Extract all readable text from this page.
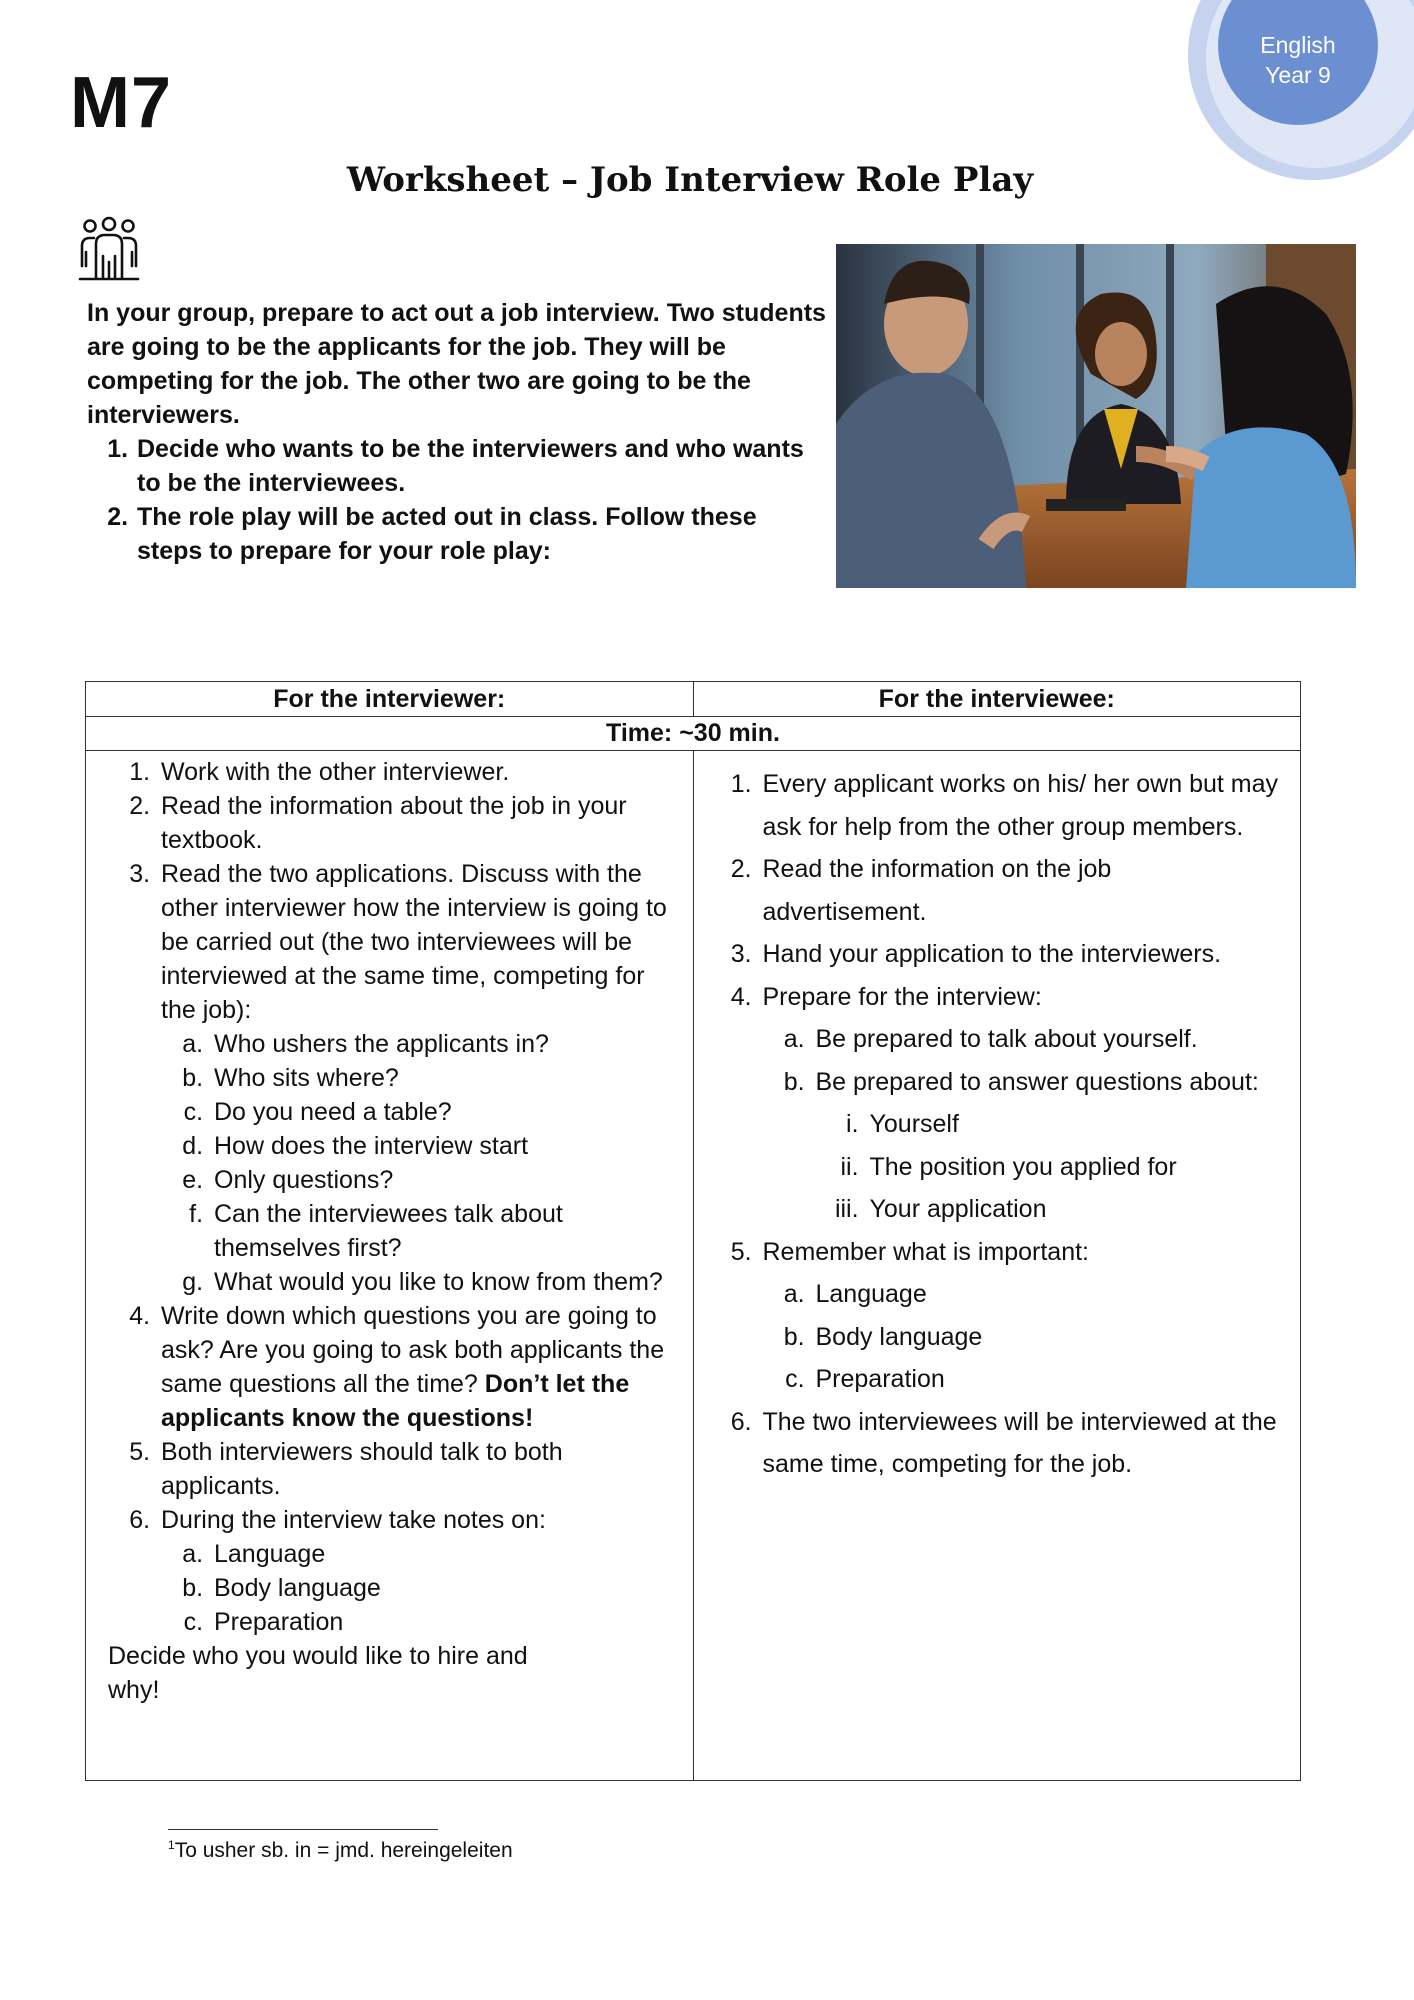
English
Year 9
M7
Worksheet – Job Interview Role Play

In your group, prepare to act out a job interview. Two students are going to be the applicants for the job. They will be competing for the job. The other two are going to be the interviewers.

1. Decide who wants to be the interviewers and who wants to be the interviewees.
2. The role play will be acted out in class. Follow these steps to prepare for your role play:
For the interviewer:	For the interviewee:
Time: ~30 min.
1. Work with the other interviewer.
2. Read the information about the job in your textbook.
3. Read the two applications. Discuss with the other interviewer how the interview is going to be carried out (the two interviewees will be interviewed at the same time, competing for the job):
a. Who ushers the applicants in?
b. Who sits where?
c. Do you need a table?
d. How does the interview start
e. Only questions?
f. Can the interviewees talk about themselves first?
g. What would you like to know from them?
4. Write down which questions you are going to ask? Are you going to ask both applicants the same questions all the time? Don’t let the applicants know the questions!
5. Both interviewers should talk to both applicants.
6. During the interview take notes on:
a. Language
b. Body language
c. Preparation

Decide who you would like to hire and why!

1. Every applicant works on his/ her own but may ask for help from the other group members.
2. Read the information on the job advertisement.
3. Hand your application to the interviewers.
4. Prepare for the interview:
a. Be prepared to talk about yourself.
b. Be prepared to answer questions about:
i. Yourself
ii. The position you applied for
iii. Your application
5. Remember what is important:
a. Language
b. Body language
c. Preparation
6. The two interviewees will be interviewed at the same time, competing for the job.
$^1$To usher sb. in = jmd. hereingeleiten
